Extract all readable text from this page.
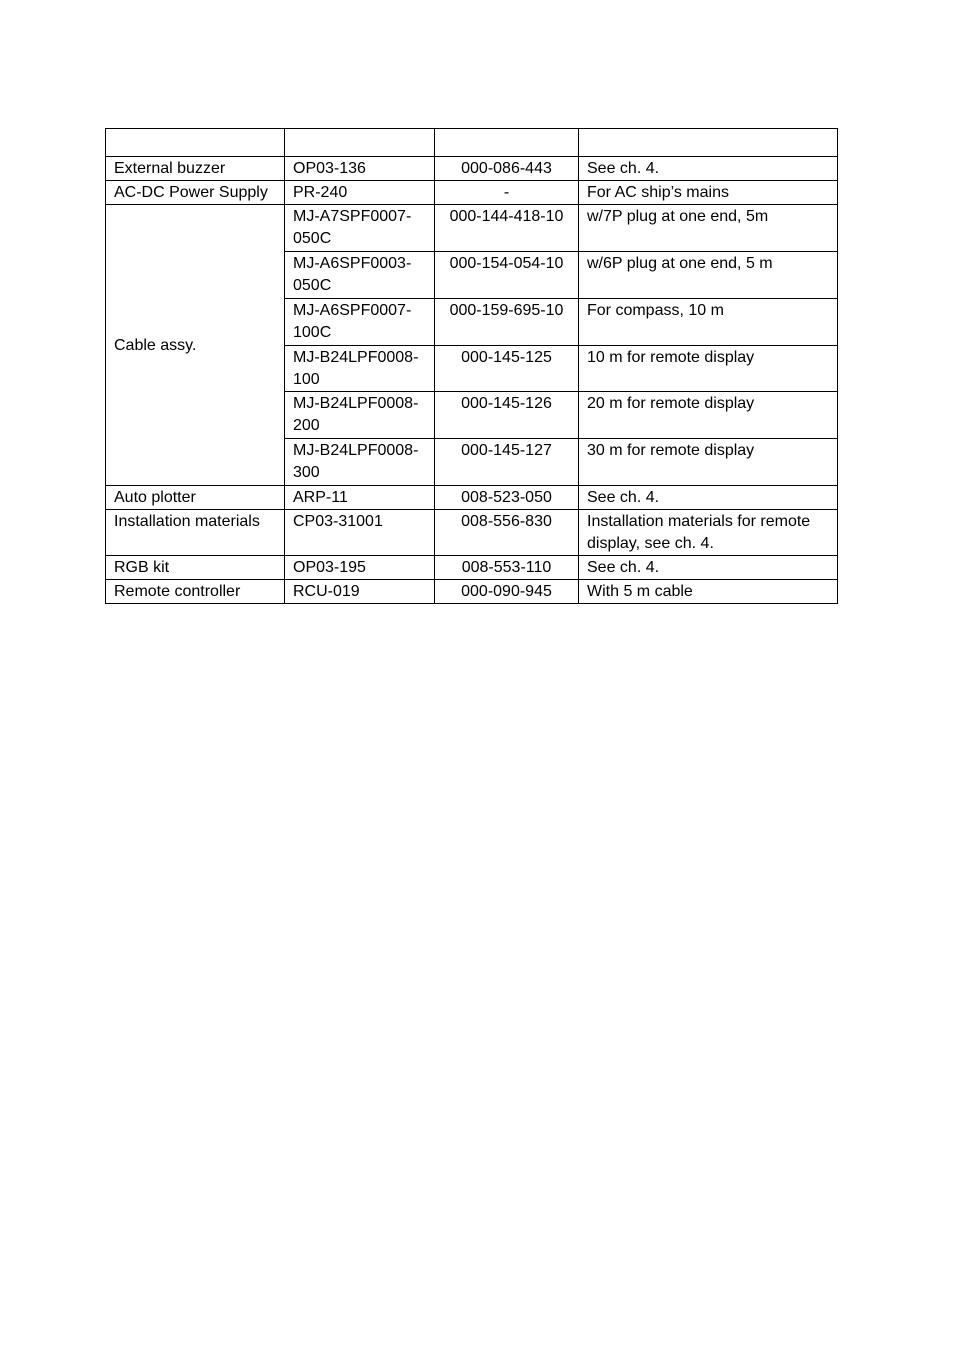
External buzzer	OP03-136	000-086-443	See ch. 4.
AC-DC Power Supply	PR-240	-	For AC ship’s mains
Cable assy.	MJ-A7SPF0007-050C	000-144-418-10	w/7P plug at one end, 5m
	MJ-A6SPF0003-050C	000-154-054-10	w/6P plug at one end, 5 m
	MJ-A6SPF0007-100C	000-159-695-10	For compass, 10 m
	MJ-B24LPF0008-100	000-145-125	10 m for remote display
	MJ-B24LPF0008-200	000-145-126	20 m for remote display
	MJ-B24LPF0008-300	000-145-127	30 m for remote display
Auto plotter	ARP-11	008-523-050	See ch. 4.
Installation materials	CP03-31001	008-556-830	Installation materials for remote display, see ch. 4.
RGB kit	OP03-195	008-553-110	See ch. 4.
Remote controller	RCU-019	000-090-945	With 5 m cable
